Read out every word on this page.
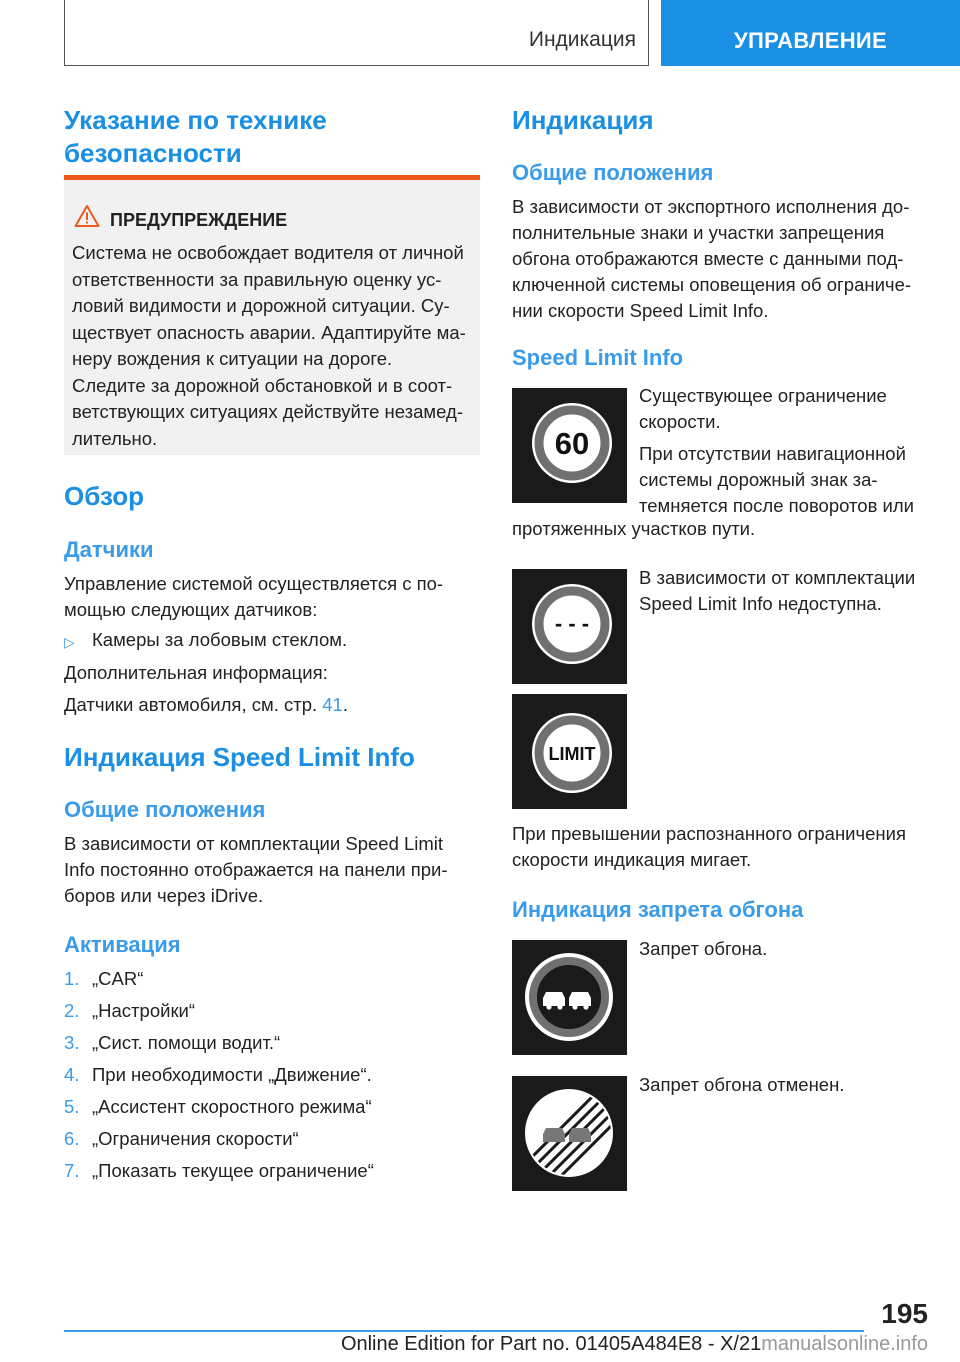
Индикация	УПРАВЛЕНИЕ
Указание по технике
безопасности
ПРЕДУПРЕЖДЕНИЕ
Система не освобождает водителя от личной
ответственности за правильную оценку ус-
ловий видимости и дорожной ситуации. Су-
ществует опасность аварии. Адаптируйте ма-
неру вождения к ситуации на дороге.
Следите за дорожной обстановкой и в соот-
ветствующих ситуациях действуйте незамед-
лительно.
Обзор
Датчики

Управление системой осуществляется с по-
мощью следующих датчиков:

▷ Камеры за лобовым стеклом.

Дополнительная информация:

Датчики автомобиля, см. стр. 41.

Индикация Speed Limit Info
Общие положения

В зависимости от комплектации Speed Limit
Info постоянно отображается на панели при-
боров или через iDrive.

Активация
1. „CAR“
2. „Настройки“
3. „Сист. помощи водит.“
4. При необходимости „Движение“.
5. „Ассистент скоростного режима“
6. „Ограничения скорости“
7. „Показать текущее ограничение“
Индикация
Общие положения

В зависимости от экспортного исполнения до-
полнительные знаки и участки запрещения
обгона отображаются вместе с данными под-
ключенной системы оповещения об ограниче-
нии скорости Speed Limit Info.

Speed Limit Info
60

Существующее ограничение
скорости.

При отсутствии навигационной
системы дорожный знак за-
темняется после поворотов или

протяженных участков пути.

- - -

В зависимости от комплектации
Speed Limit Info недоступна.

LIMIT

При превышении распознанного ограничения
скорости индикация мигает.

Индикация запрета обгона

Запрет обгона.

Запрет обгона отменен.

195
Online Edition for Part no. 01405A484E8 - X/21manualsonline.info
